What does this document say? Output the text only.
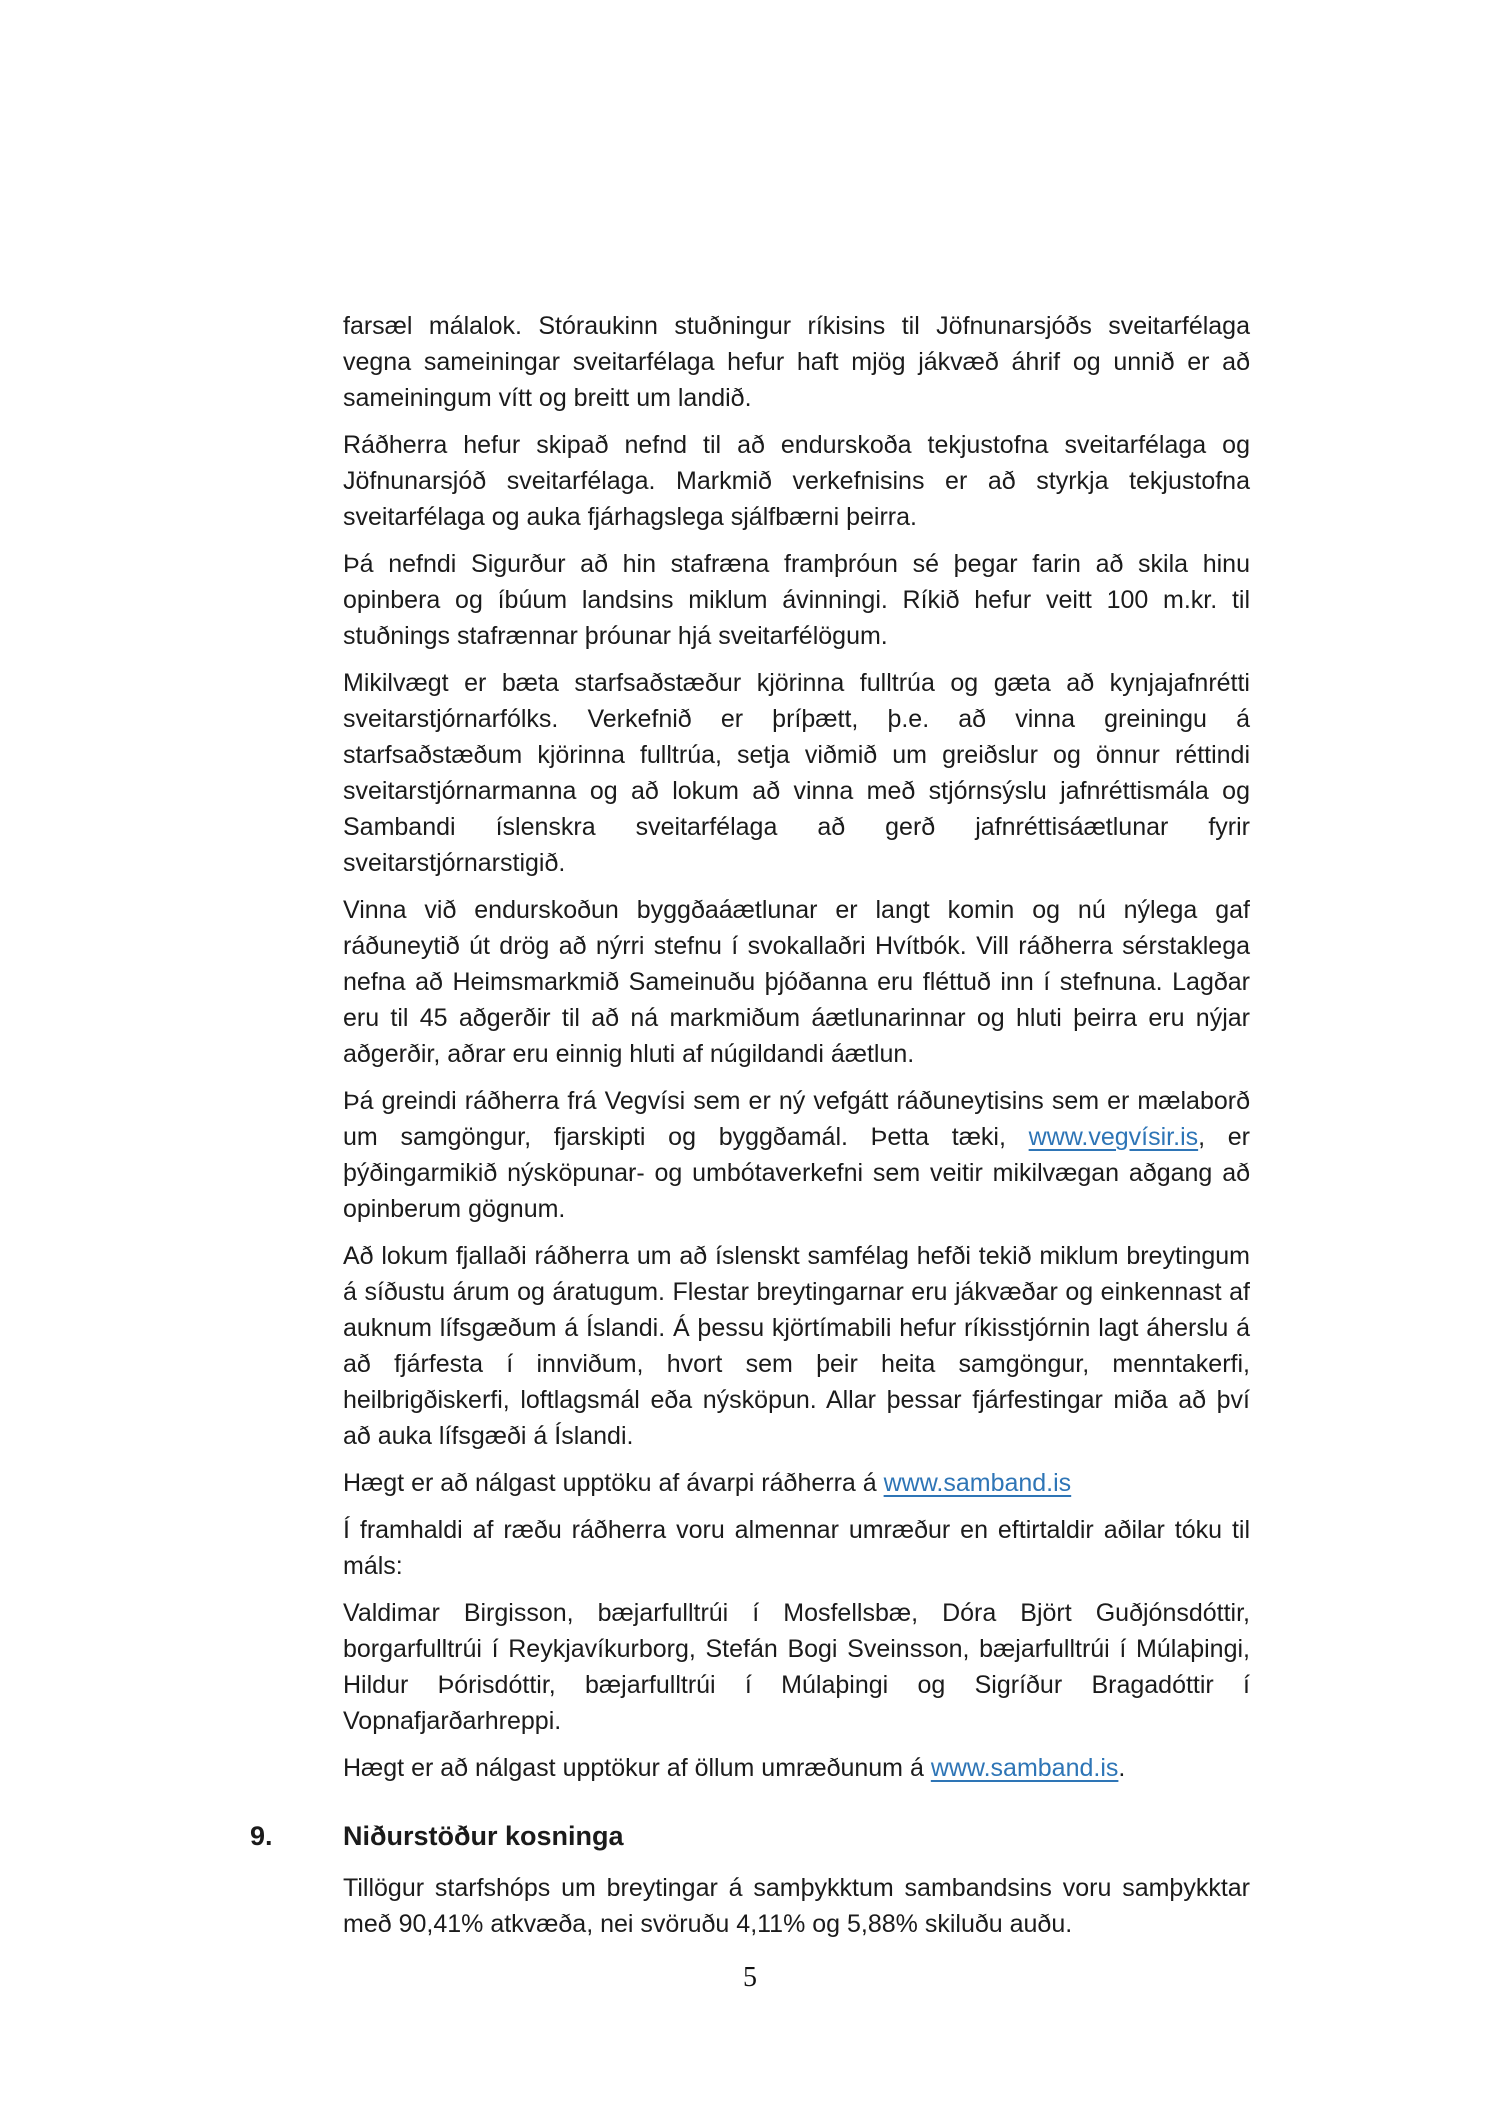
farsæl málalok. Stóraukinn stuðningur ríkisins til Jöfnunarsjóðs sveitarfélaga vegna sameiningar sveitarfélaga hefur haft mjög jákvæð áhrif og unnið er að sameiningum vítt og breitt um landið.

Ráðherra hefur skipað nefnd til að endurskoða tekjustofna sveitarfélaga og Jöfnunarsjóð sveitarfélaga. Markmið verkefnisins er að styrkja tekjustofna sveitarfélaga og auka fjárhagslega sjálfbærni þeirra.

Þá nefndi Sigurður að hin stafræna framþróun sé þegar farin að skila hinu opinbera og íbúum landsins miklum ávinningi. Ríkið hefur veitt 100 m.kr. til stuðnings stafrænnar þróunar hjá sveitarfélögum.

Mikilvægt er bæta starfsaðstæður kjörinna fulltrúa og gæta að kynjajafnrétti sveitarstjórnarfólks. Verkefnið er þríþætt, þ.e. að vinna greiningu á starfsaðstæðum kjörinna fulltrúa, setja viðmið um greiðslur og önnur réttindi sveitarstjórnarmanna og að lokum að vinna með stjórnsýslu jafnréttismála og Sambandi íslenskra sveitarfélaga að gerð jafnréttisáætlunar fyrir sveitarstjórnarstigið.

Vinna við endurskoðun byggðaáætlunar er langt komin og nú nýlega gaf ráðuneytið út drög að nýrri stefnu í svokallaðri Hvítbók. Vill ráðherra sérstaklega nefna að Heimsmarkmið Sameinuðu þjóðanna eru fléttuð inn í stefnuna. Lagðar eru til 45 aðgerðir til að ná markmiðum áætlunarinnar og hluti þeirra eru nýjar aðgerðir, aðrar eru einnig hluti af núgildandi áætlun.

Þá greindi ráðherra frá Vegvísi sem er ný vefgátt ráðuneytisins sem er mælaborð um samgöngur, fjarskipti og byggðamál. Þetta tæki, www.vegvísir.is, er þýðingarmikið nýsköpunar- og umbótaverkefni sem veitir mikilvægan aðgang að opinberum gögnum.

Að lokum fjallaði ráðherra um að íslenskt samfélag hefði tekið miklum breytingum á síðustu árum og áratugum. Flestar breytingarnar eru jákvæðar og einkennast af auknum lífsgæðum á Íslandi. Á þessu kjörtímabili hefur ríkisstjórnin lagt áherslu á að fjárfesta í innviðum, hvort sem þeir heita samgöngur, menntakerfi, heilbrigðiskerfi, loftlagsmál eða nýsköpun. Allar þessar fjárfestingar miða að því að auka lífsgæði á Íslandi.

Hægt er að nálgast upptöku af ávarpi ráðherra á www.samband.is

Í framhaldi af ræðu ráðherra voru almennar umræður en eftirtaldir aðilar tóku til máls:

Valdimar Birgisson, bæjarfulltrúi í Mosfellsbæ, Dóra Björt Guðjónsdóttir, borgarfulltrúi í Reykjavíkurborg, Stefán Bogi Sveinsson, bæjarfulltrúi í Múlaþingi, Hildur Þórisdóttir, bæjarfulltrúi í Múlaþingi og Sigríður Bragadóttir í Vopnafjarðarhreppi.

Hægt er að nálgast upptökur af öllum umræðunum á www.samband.is.

9.	Niðurstöður kosninga

Tillögur starfshóps um breytingar á samþykktum sambandsins voru samþykktar með 90,41% atkvæða, nei svöruðu 4,11% og 5,88% skiluðu auðu.

5
